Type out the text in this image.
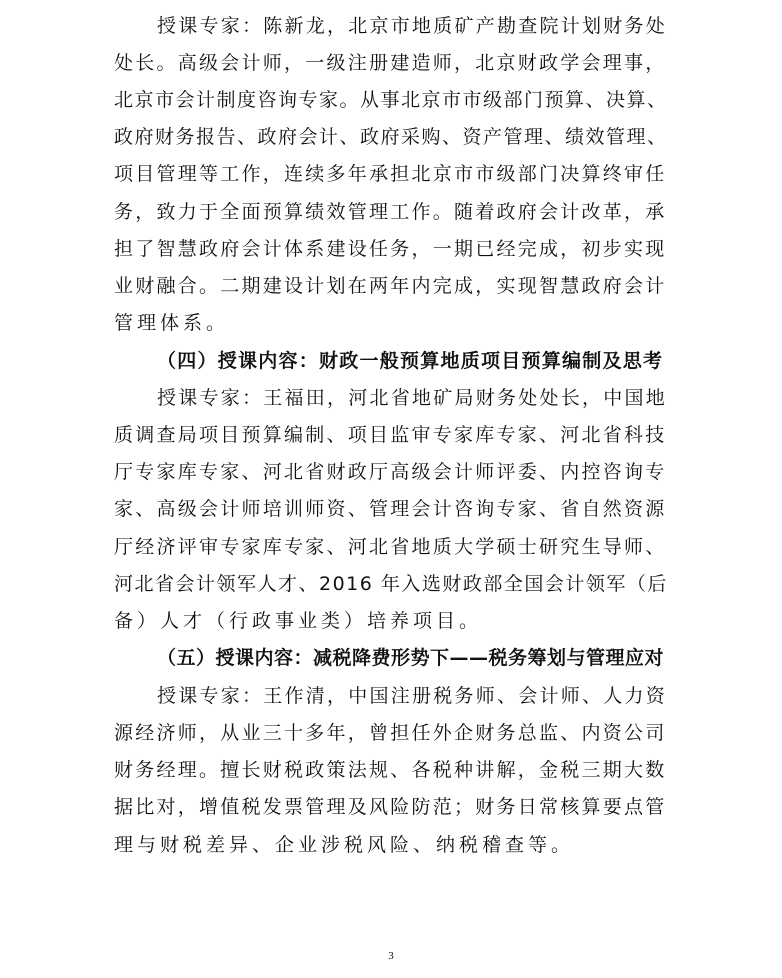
授课专家：陈新龙，北京市地质矿产勘查院计划财务处
处长。高级会计师，一级注册建造师，北京财政学会理事，
北京市会计制度咨询专家。从事北京市市级部门预算、决算、
政府财务报告、政府会计、政府采购、资产管理、绩效管理、
项目管理等工作，连续多年承担北京市市级部门决算终审任
务，致力于全面预算绩效管理工作。随着政府会计改革，承
担了智慧政府会计体系建设任务，一期已经完成，初步实现
业财融合。二期建设计划在两年内完成，实现智慧政府会计
管理体系。
（四）授课内容：财政一般预算地质项目预算编制及思考
授课专家：王福田，河北省地矿局财务处处长，中国地
质调查局项目预算编制、项目监审专家库专家、河北省科技
厅专家库专家、河北省财政厅高级会计师评委、内控咨询专
家、高级会计师培训师资、管理会计咨询专家、省自然资源
厅经济评审专家库专家、河北省地质大学硕士研究生导师、
河北省会计领军人才、2016 年入选财政部全国会计领军（后
备）人才（行政事业类）培养项目。
（五）授课内容：减税降费形势下——税务筹划与管理应对
授课专家：王作清，中国注册税务师、会计师、人力资
源经济师，从业三十多年，曾担任外企财务总监、内资公司
财务经理。擅长财税政策法规、各税种讲解，金税三期大数
据比对，增值税发票管理及风险防范；财务日常核算要点管
理与财税差异、企业涉税风险、纳税稽查等。
3
